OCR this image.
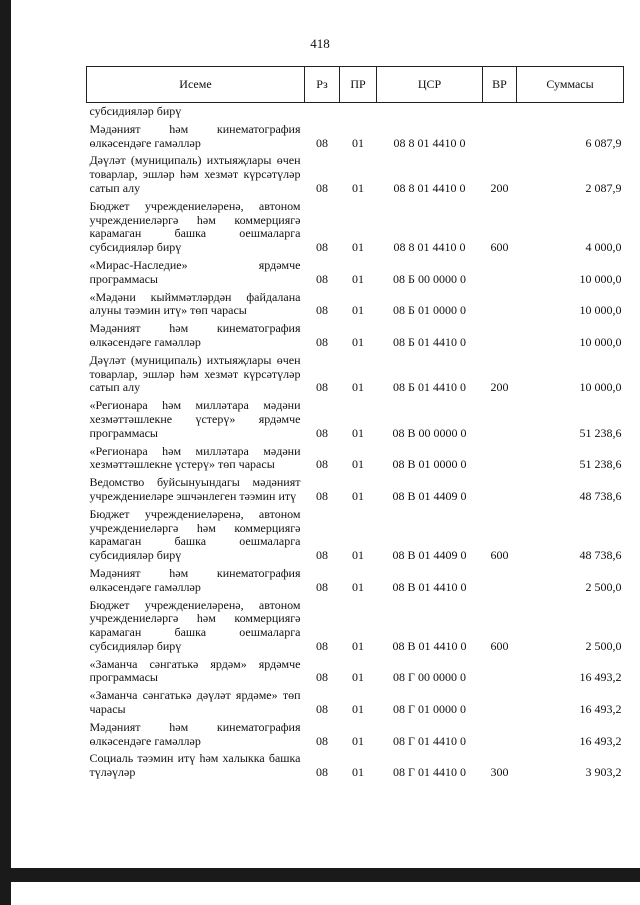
418
Исеме	Рз	ПР	ЦСР	ВР	Суммасы
субсидияләр бирү					
Мәдәният һәм кинематография өлкәсендәге гамәлләр	08	01	08 8 01 4410 0		6 087,9
Дәүләт (муниципаль) ихтыяҗлары өчен товарлар, эшләр һәм хезмәт күрсәтүләр сатып алу	08	01	08 8 01 4410 0	200	2 087,9
Бюджет учреждениеләренә, автоном учреждениеләргә һәм коммерциягә карамаган башка оешмаларга субсидияләр бирү	08	01	08 8 01 4410 0	600	4 000,0
«Мирас-Наследие» ярдәмче программасы	08	01	08 Б 00 0000 0		10 000,0
«Мәдәни кыйммәтләрдән файдалана алуны тәэмин итү» төп чарасы	08	01	08 Б 01 0000 0		10 000,0
Мәдәният һәм кинематография өлкәсендәге гамәлләр	08	01	08 Б 01 4410 0		10 000,0
Дәүләт (муниципаль) ихтыяҗлары өчен товарлар, эшләр һәм хезмәт күрсәтүләр сатып алу	08	01	08 Б 01 4410 0	200	10 000,0
«Регионара һәм милләтара мәдәни хезмәттәшлекне үстерү» ярдәмче программасы	08	01	08 В 00 0000 0		51 238,6
«Регионара һәм милләтара мәдәни хезмәттәшлекне үстерү» төп чарасы	08	01	08 В 01 0000 0		51 238,6
Ведомство буйсынуындагы мәдәният учреждениеләре эшчәнлеген тәэмин итү	08	01	08 В 01 4409 0		48 738,6
Бюджет учреждениеләренә, автоном учреждениеләргә һәм коммерциягә карамаган башка оешмаларга субсидияләр бирү	08	01	08 В 01 4409 0	600	48 738,6
Мәдәният һәм кинематография өлкәсендәге гамәлләр	08	01	08 В 01 4410 0		2 500,0
Бюджет учреждениеләренә, автоном учреждениеләргә һәм коммерциягә карамаган башка оешмаларга субсидияләр бирү	08	01	08 В 01 4410 0	600	2 500,0
«Заманча сәнгатькә ярдәм» ярдәмче программасы	08	01	08 Г 00 0000 0		16 493,2
«Заманча сәнгатькә дәүләт ярдәме» төп чарасы	08	01	08 Г 01 0000 0		16 493,2
Мәдәният һәм кинематография өлкәсендәге гамәлләр	08	01	08 Г 01 4410 0		16 493,2
Социаль тәэмин итү һәм халыкка башка түләүләр	08	01	08 Г 01 4410 0	300	3 903,2
